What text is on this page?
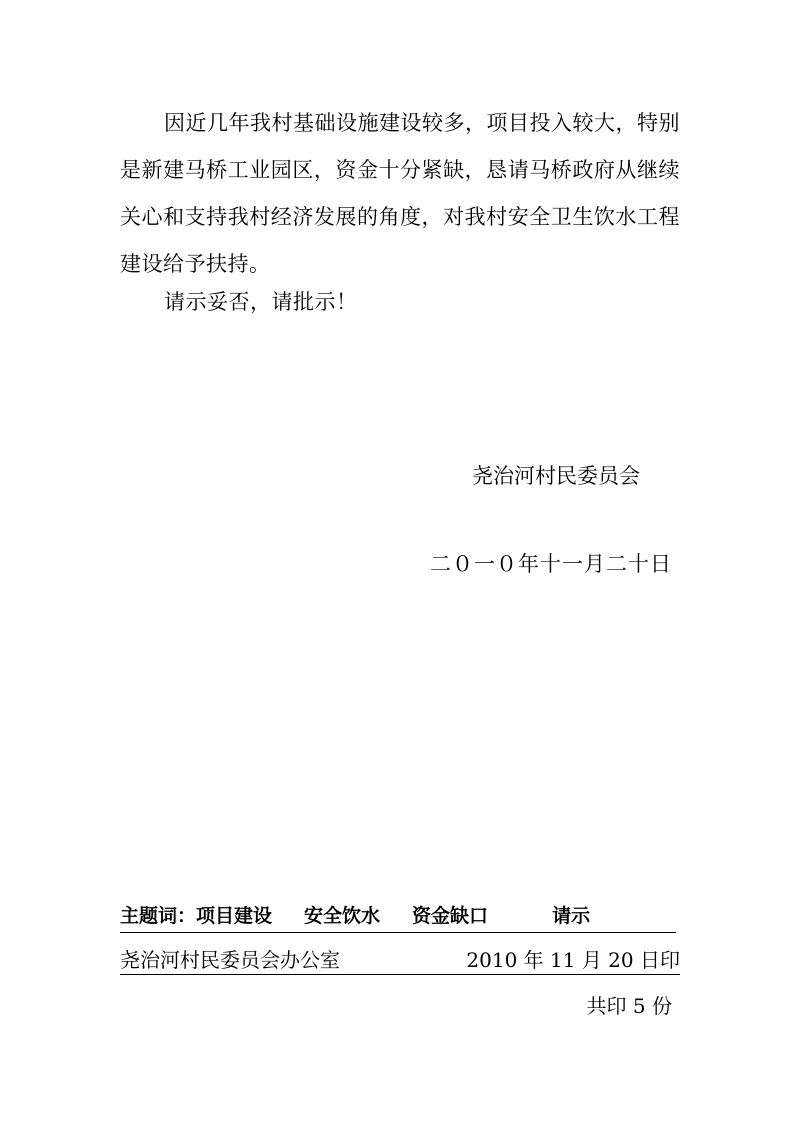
因近几年我村基础设施建设较多，项目投入较大，特别是新建马桥工业园区，资金十分紧缺，恳请马桥政府从继续关心和支持我村经济发展的角度，对我村安全卫生饮水工程建设给予扶持。

请示妥否，请批示！

尧治河村民委员会
二０一０年十一月二十日
主题词：项目建设 安全饮水 资金缺口	请示
尧治河村民委员会办公室	2010 年 11 月 20 日印
共印 5 份
